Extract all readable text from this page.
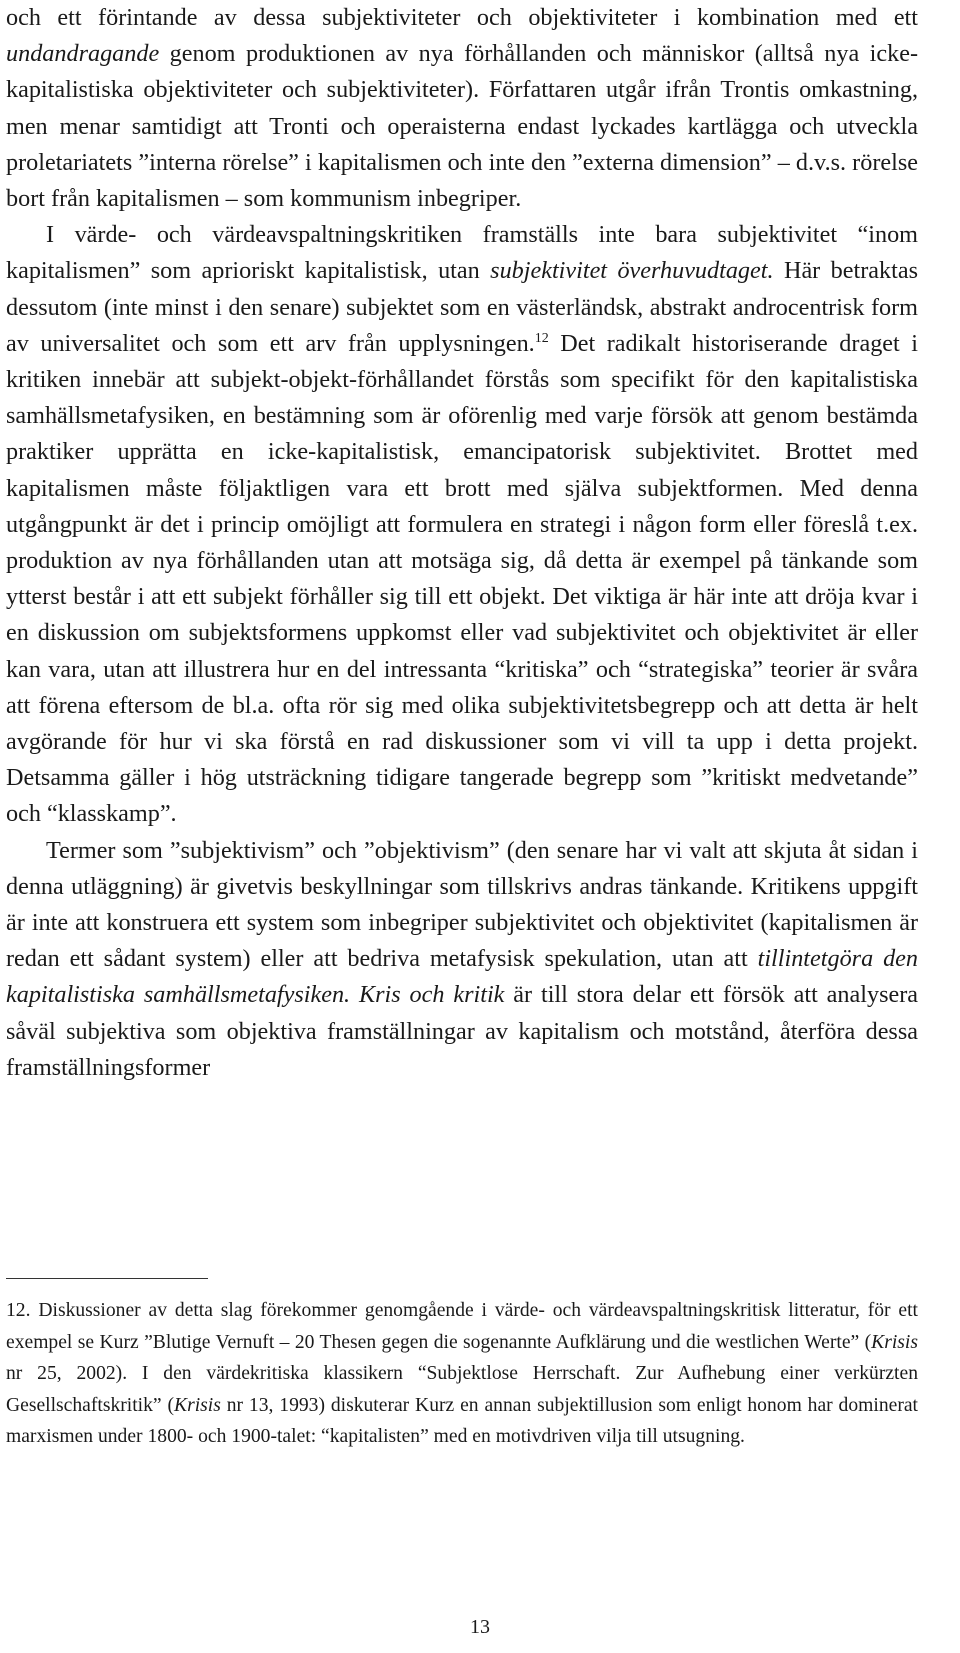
och ett förintande av dessa subjektiviteter och objektiviteter i kombination med ett undandragande genom produktionen av nya förhållanden och människor (alltså nya icke-kapitalistiska objektiviteter och subjektiviteter). Författaren utgår ifrån Trontis omkastning, men menar samtidigt att Tronti och operaisterna endast lyckades kartlägga och utveckla proletariatets ”interna rörelse” i kapitalismen och inte den ”externa dimension” – d.v.s. rörelse bort från kapitalismen – som kommunism inbegriper.

I värde- och värdeavspaltningskritiken framställs inte bara subjektivitet “inom kapitalismen” som aprioriskt kapitalistisk, utan subjektivitet överhuvudtaget. Här betraktas dessutom (inte minst i den senare) subjektet som en västerländsk, abstrakt androcentrisk form av universalitet och som ett arv från upplysningen.$^{12}$ Det radikalt historiserande draget i kritiken innebär att subjekt-objekt-förhållandet förstås som specifikt för den kapitalistiska samhällsmetafysiken, en bestämning som är oförenlig med varje försök att genom bestämda praktiker upprätta en icke-kapitalistisk, emancipatorisk subjektivitet. Brottet med kapitalismen måste följaktligen vara ett brott med själva subjektformen. Med denna utgångpunkt är det i princip omöjligt att formulera en strategi i någon form eller föreslå t.ex. produktion av nya förhållanden utan att motsäga sig, då detta är exempel på tänkande som ytterst består i att ett subjekt förhåller sig till ett objekt. Det viktiga är här inte att dröja kvar i en diskussion om subjektsformens uppkomst eller vad subjektivitet och objektivitet är eller kan vara, utan att illustrera hur en del intressanta “kritiska” och “strategiska” teorier är svåra att förena eftersom de bl.a. ofta rör sig med olika subjektivitetsbegrepp och att detta är helt avgörande för hur vi ska förstå en rad diskussioner som vi vill ta upp i detta projekt. Detsamma gäller i hög utsträckning tidigare tangerade begrepp som ”kritiskt medvetande” och “klasskamp”.

Termer som ”subjektivism” och ”objektivism” (den senare har vi valt att skjuta åt sidan i denna utläggning) är givetvis beskyllningar som tillskrivs andras tänkande. Kritikens uppgift är inte att konstruera ett system som inbegriper subjektivitet och objektivitet (kapitalismen är redan ett sådant system) eller att bedriva metafysisk spekulation, utan att tillintetgöra den kapitalistiska samhällsmetafysiken. Kris och kritik är till stora delar ett försök att analysera såväl subjektiva som objektiva framställningar av kapitalism och motstånd, återföra dessa framställningsformer

12. Diskussioner av detta slag förekommer genomgående i värde- och värdeavspaltningskritisk litteratur, för ett exempel se Kurz ”Blutige Vernuft – 20 Thesen gegen die sogenannte Aufklärung und die westlichen Werte” (Krisis nr 25, 2002). I den värdekritiska klassikern “Subjektlose Herrschaft. Zur Aufhebung einer verkürzten Gesellschaftskritik” (Krisis nr 13, 1993) diskuterar Kurz en annan subjektillusion som enligt honom har dominerat marxismen under 1800- och 1900-talet: “kapitalisten” med en motivdriven vilja till utsugning.

13
